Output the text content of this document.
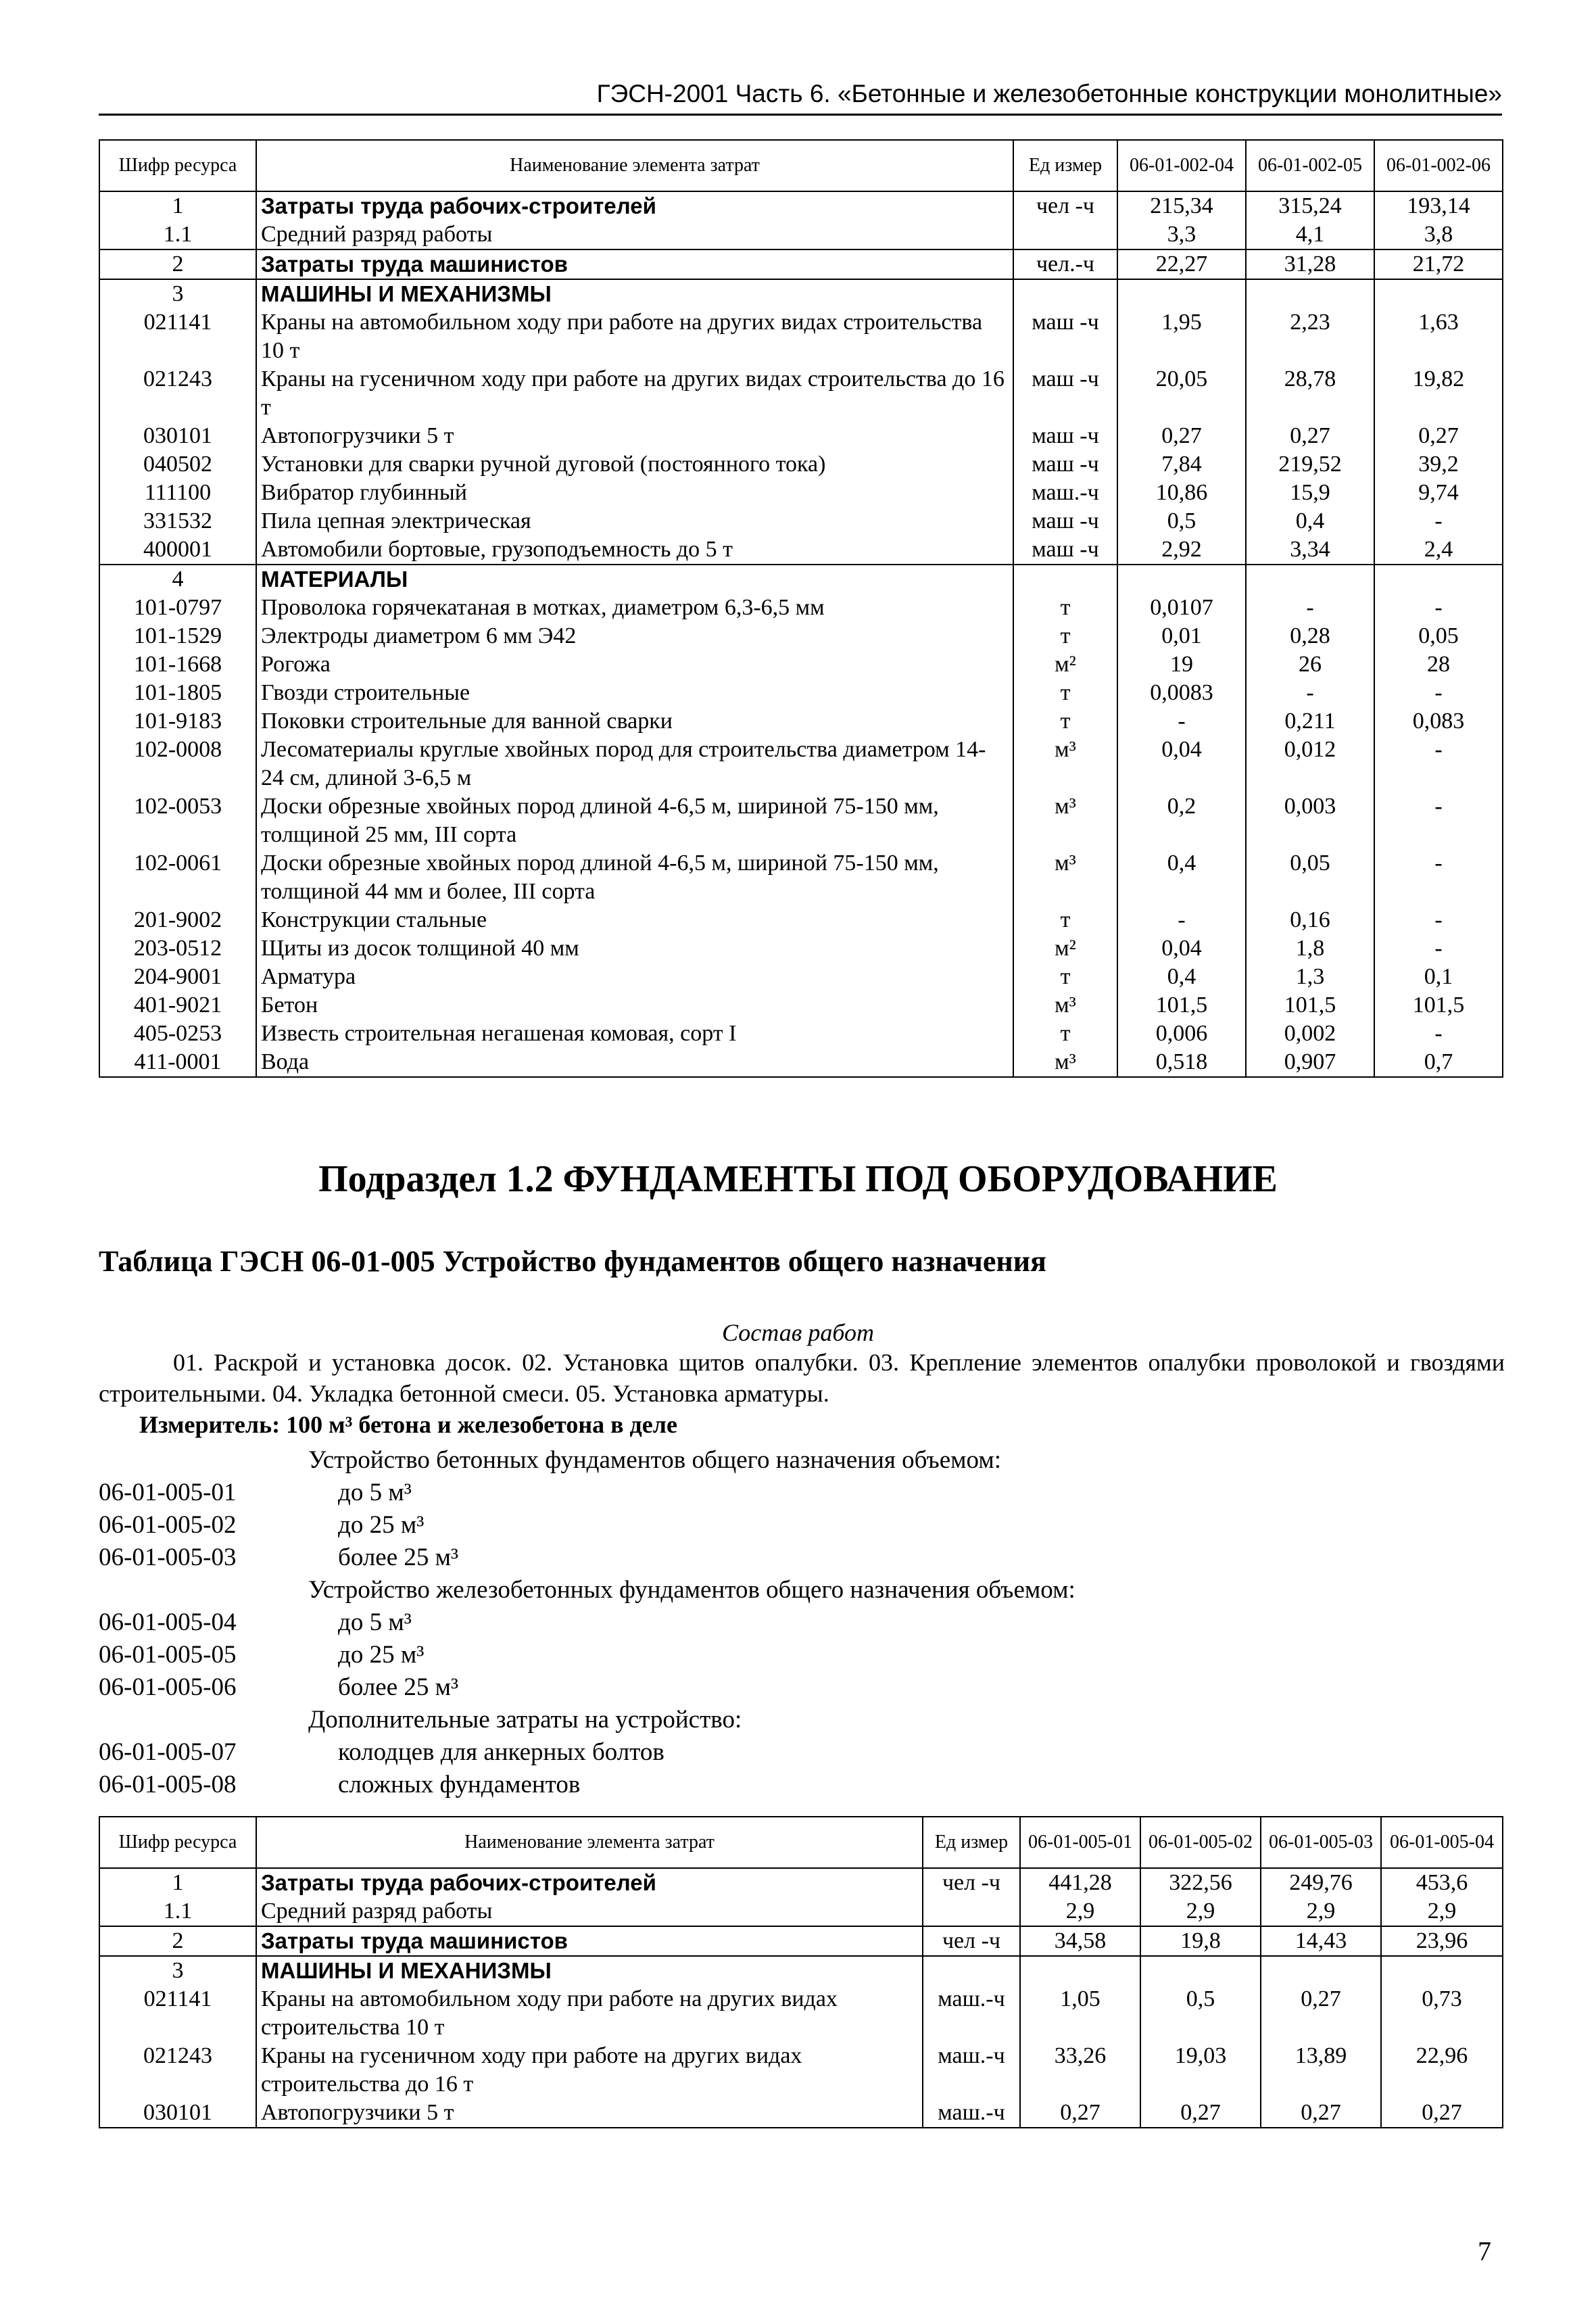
ГЭСН-2001 Часть 6. «Бетонные и железобетонные конструкции монолитные»
Шифр ресурса	Наименование элемента затрат	Ед измер	06-01-002-04	06-01-002-05	06-01-002-06
1	Затраты труда рабочих-строителей	чел -ч	215,34	315,24	193,14
1.1	Средний разряд работы		3,3	4,1	3,8
2	Затраты труда машинистов	чел.-ч	22,27	31,28	21,72
3	МАШИНЫ И МЕХАНИЗМЫ				
021141	Краны на автомобильном ходу при работе на других видах строительства 10 т	маш -ч	1,95	2,23	1,63
021243	Краны на гусеничном ходу при работе на других видах строительства до 16 т	маш -ч	20,05	28,78	19,82
030101	Автопогрузчики 5 т	маш -ч	0,27	0,27	0,27
040502	Установки для сварки ручной дуговой (постоянного тока)	маш -ч	7,84	219,52	39,2
111100	Вибратор глубинный	маш.-ч	10,86	15,9	9,74
331532	Пила цепная электрическая	маш -ч	0,5	0,4	-
400001	Автомобили бортовые, грузоподъемность до 5 т	маш -ч	2,92	3,34	2,4
4	МАТЕРИАЛЫ				
101-0797	Проволока горячекатаная в мотках, диаметром 6,3-6,5 мм	т	0,0107	-	-
101-1529	Электроды диаметром 6 мм Э42	т	0,01	0,28	0,05
101-1668	Рогожа	м²	19	26	28
101-1805	Гвозди строительные	т	0,0083	-	-
101-9183	Поковки строительные для ванной сварки	т	-	0,211	0,083
102-0008	Лесоматериалы круглые хвойных пород для строительства диаметром 14-24 см, длиной 3-6,5 м	м³	0,04	0,012	-
102-0053	Доски обрезные хвойных пород длиной 4-6,5 м, шириной 75-150 мм, толщиной 25 мм, III сорта	м³	0,2	0,003	-
102-0061	Доски обрезные хвойных пород длиной 4-6,5 м, шириной 75-150 мм, толщиной 44 мм и более, III сорта	м³	0,4	0,05	-
201-9002	Конструкции стальные	т	-	0,16	-
203-0512	Щиты из досок толщиной 40 мм	м²	0,04	1,8	-
204-9001	Арматура	т	0,4	1,3	0,1
401-9021	Бетон	м³	101,5	101,5	101,5
405-0253	Известь строительная негашеная комовая, сорт I	т	0,006	0,002	-
411-0001	Вода	м³	0,518	0,907	0,7
Подраздел 1.2 ФУНДАМЕНТЫ ПОД ОБОРУДОВАНИЕ
Таблица ГЭСН 06-01-005 Устройство фундаментов общего назначения
Состав работ
01. Раскрой и установка досок. 02. Установка щитов опалубки. 03. Крепление элементов опалубки проволокой и гвоздями строительными. 04. Укладка бетонной смеси. 05. Установка арматуры.
Измеритель: 100 м³ бетона и железобетона в деле
Устройство бетонных фундаментов общего назначения объемом:
06-01-005-01	до 5 м³
06-01-005-02	до 25 м³
06-01-005-03	более 25 м³
Устройство железобетонных фундаментов общего назначения объемом:
06-01-005-04	до 5 м³
06-01-005-05	до 25 м³
06-01-005-06	более 25 м³
Дополнительные затраты на устройство:
06-01-005-07	колодцев для анкерных болтов
06-01-005-08	сложных фундаментов
Шифр ресурса	Наименование элемента затрат	Ед измер	06-01-005-01	06-01-005-02	06-01-005-03	06-01-005-04
1	Затраты труда рабочих-строителей	чел -ч	441,28	322,56	249,76	453,6
1.1	Средний разряд работы		2,9	2,9	2,9	2,9
2	Затраты труда машинистов	чел -ч	34,58	19,8	14,43	23,96
3	МАШИНЫ И МЕХАНИЗМЫ					
021141	Краны на автомобильном ходу при работе на других видах строительства 10 т	маш.-ч	1,05	0,5	0,27	0,73
021243	Краны на гусеничном ходу при работе на других видах строительства до 16 т	маш.-ч	33,26	19,03	13,89	22,96
030101	Автопогрузчики 5 т	маш.-ч	0,27	0,27	0,27	0,27
7
